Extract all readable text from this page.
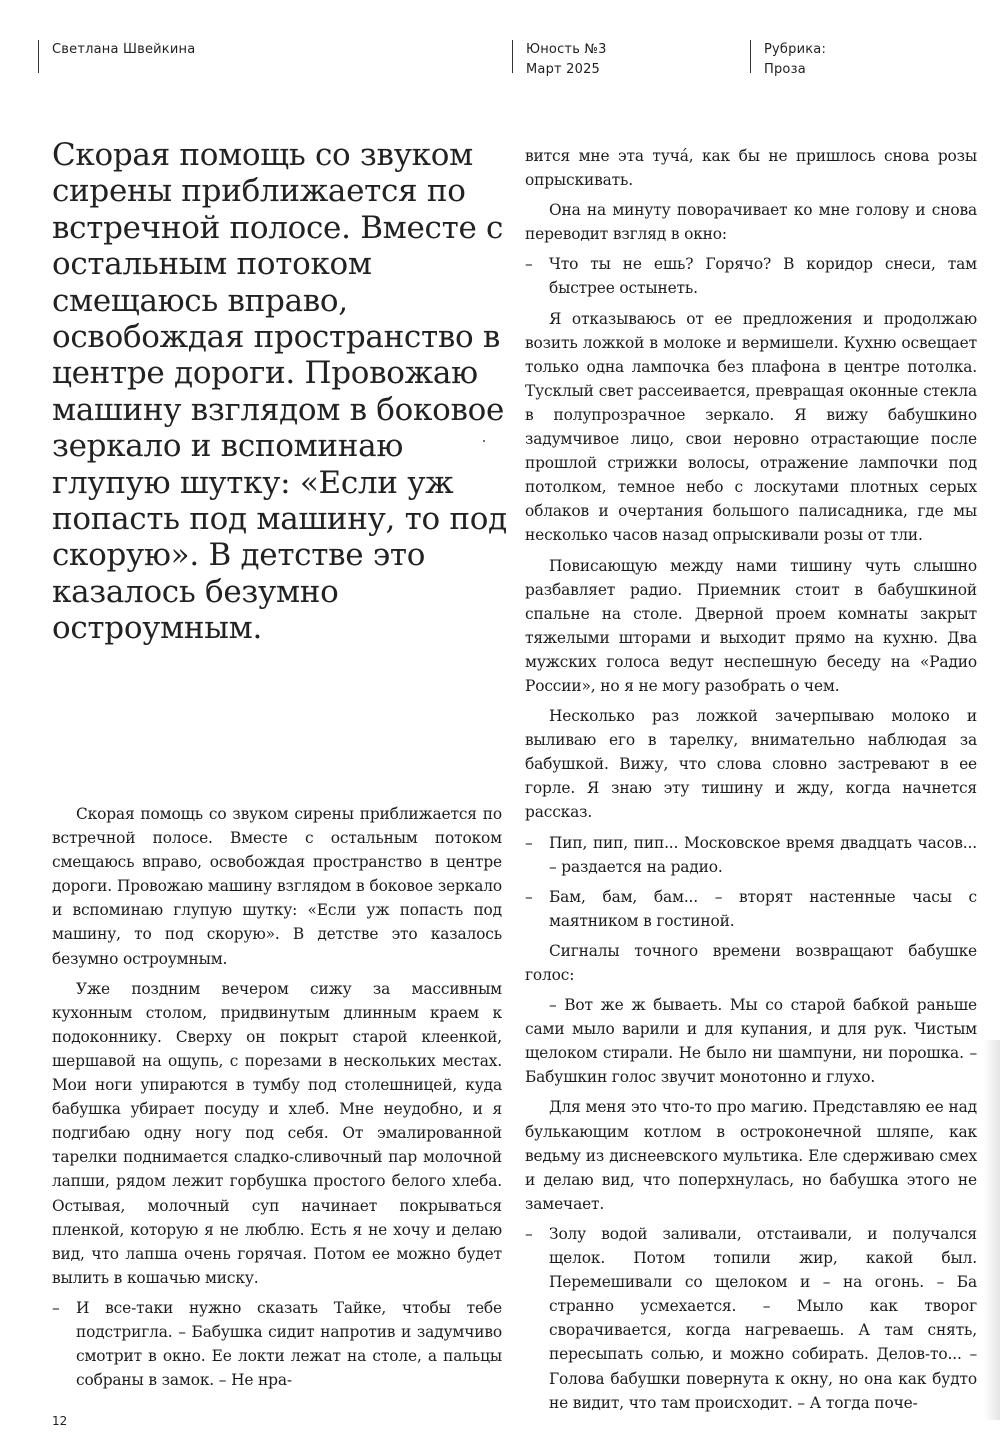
Светлана Швейкина	Юность №3
Март 2025
Рубрика:
Проза
Скорая помощь со звуком сирены приближается по встречной полосе. Вместе с остальным потоком смещаюсь вправо, освобождая пространство в центре дороги. Провожаю машину взглядом в боковое зеркало и вспоминаю глупую шутку: «Если уж попасть под машину, то под скорую». В детстве это казалось безумно остроумным.

Скорая помощь со звуком сирены приближается по встречной полосе. Вместе с остальным потоком смещаюсь вправо, освобождая пространство в центре дороги. Провожаю машину взглядом в боковое зеркало и вспоминаю глупую шутку: «Если уж попасть под машину, то под скорую». В детстве это казалось безумно остроумным.

Уже поздним вечером сижу за массивным кухонным столом, придвинутым длинным краем к подоконнику. Сверху он покрыт старой клеенкой, шершавой на ощупь, с порезами в нескольких местах. Мои ноги упираются в тумбу под столешницей, куда бабушка убирает посуду и хлеб. Мне неудобно, и я подгибаю одну ногу под себя. От эмалированной тарелки поднимается сладко-сливочный пар молочной лапши, рядом лежит горбушка простого белого хлеба. Остывая, молочный суп начинает покрываться пленкой, которую я не люблю. Есть я не хочу и делаю вид, что лапша очень горячая. Потом ее можно будет вылить в кошачью миску.

– И все-таки нужно сказать Тайке, чтобы тебе подстригла. – Бабушка сидит напротив и задумчиво смотрит в окно. Ее локти лежат на столе, а пальцы собраны в замок. – Не нра-

вится мне эта тучá, как бы не пришлось снова розы опрыскивать.

Она на минуту поворачивает ко мне голову и снова переводит взгляд в окно:

– Что ты не ешь? Горячо? В коридор снеси, там быстрее остынеть.

Я отказываюсь от ее предложения и продолжаю возить ложкой в молоке и вермишели. Кухню освещает только одна лампочка без плафона в центре потолка. Тусклый свет рассеивается, превращая оконные стекла в полупрозрачное зеркало. Я вижу бабушкино задумчивое лицо, свои неровно отрастающие после прошлой стрижки волосы, отражение лампочки под потолком, темное небо с лоскутами плотных серых облаков и очертания большого палисадника, где мы несколько часов назад опрыскивали розы от тли.

Повисающую между нами тишину чуть слышно разбавляет радио. Приемник стоит в бабушкиной спальне на столе. Дверной проем комнаты закрыт тяжелыми шторами и выходит прямо на кухню. Два мужских голоса ведут неспешную беседу на «Радио России», но я не могу разобрать о чем.

Несколько раз ложкой зачерпываю молоко и выливаю его в тарелку, внимательно наблюдая за бабушкой. Вижу, что слова словно застревают в ее горле. Я знаю эту тишину и жду, когда начнется рассказ.

– Пип, пип, пип... Московское время двадцать часов... – раздается на радио.

– Бам, бам, бам... – вторят настенные часы с маятником в гостиной.

Сигналы точного времени возвращают бабушке голос:

– Вот же ж бываеть. Мы со старой бабкой раньше сами мыло варили и для купания, и для рук. Чистым щелоком стирали. Не было ни шампуни, ни порошка. – Бабушкин голос звучит монотонно и глухо.

Для меня это что-то про магию. Представляю ее над булькающим котлом в остроконечной шляпе, как ведьму из диснеевского мультика. Еле сдерживаю смех и делаю вид, что поперхнулась, но бабушка этого не замечает.

– Золу водой заливали, отстаивали, и получался щелок. Потом топили жир, какой был. Перемешивали со щелоком и – на огонь. – Ба странно усмехается. – Мыло как творог сворачивается, когда нагреваешь. А там снять, пересыпать солью, и можно собирать. Делов-то... – Голова бабушки повернута к окну, но она как будто не видит, что там происходит. – А тогда поче-

12
